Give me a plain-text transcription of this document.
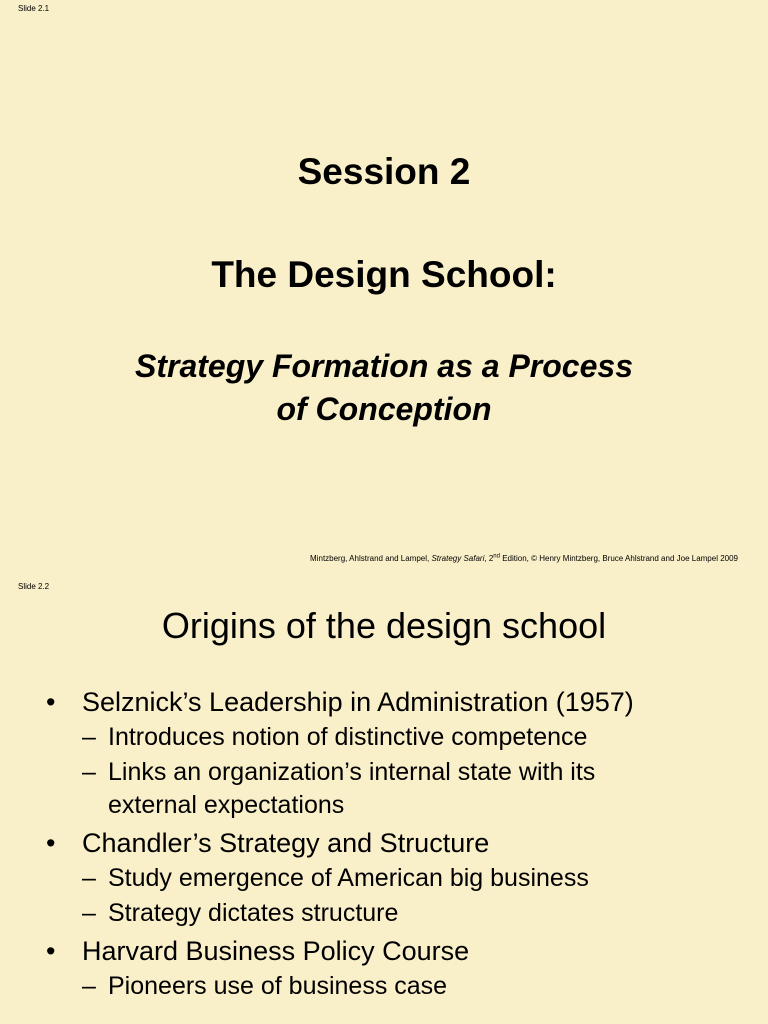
Slide 2.1
Session 2
The Design School:
Strategy Formation as a Process
of Conception
Mintzberg, Ahlstrand and Lampel, Strategy Safari, 2nd Edition, © Henry Mintzberg, Bruce Ahlstrand and Joe Lampel 2009
Slide 2.2
Origins of the design school
• Selznick’s Leadership in Administration (1957)
– Introduces notion of distinctive competence
– Links an organization’s internal state with its external expectations
• Chandler’s Strategy and Structure
– Study emergence of American big business
– Strategy dictates structure
• Harvard Business Policy Course
– Pioneers use of business case
